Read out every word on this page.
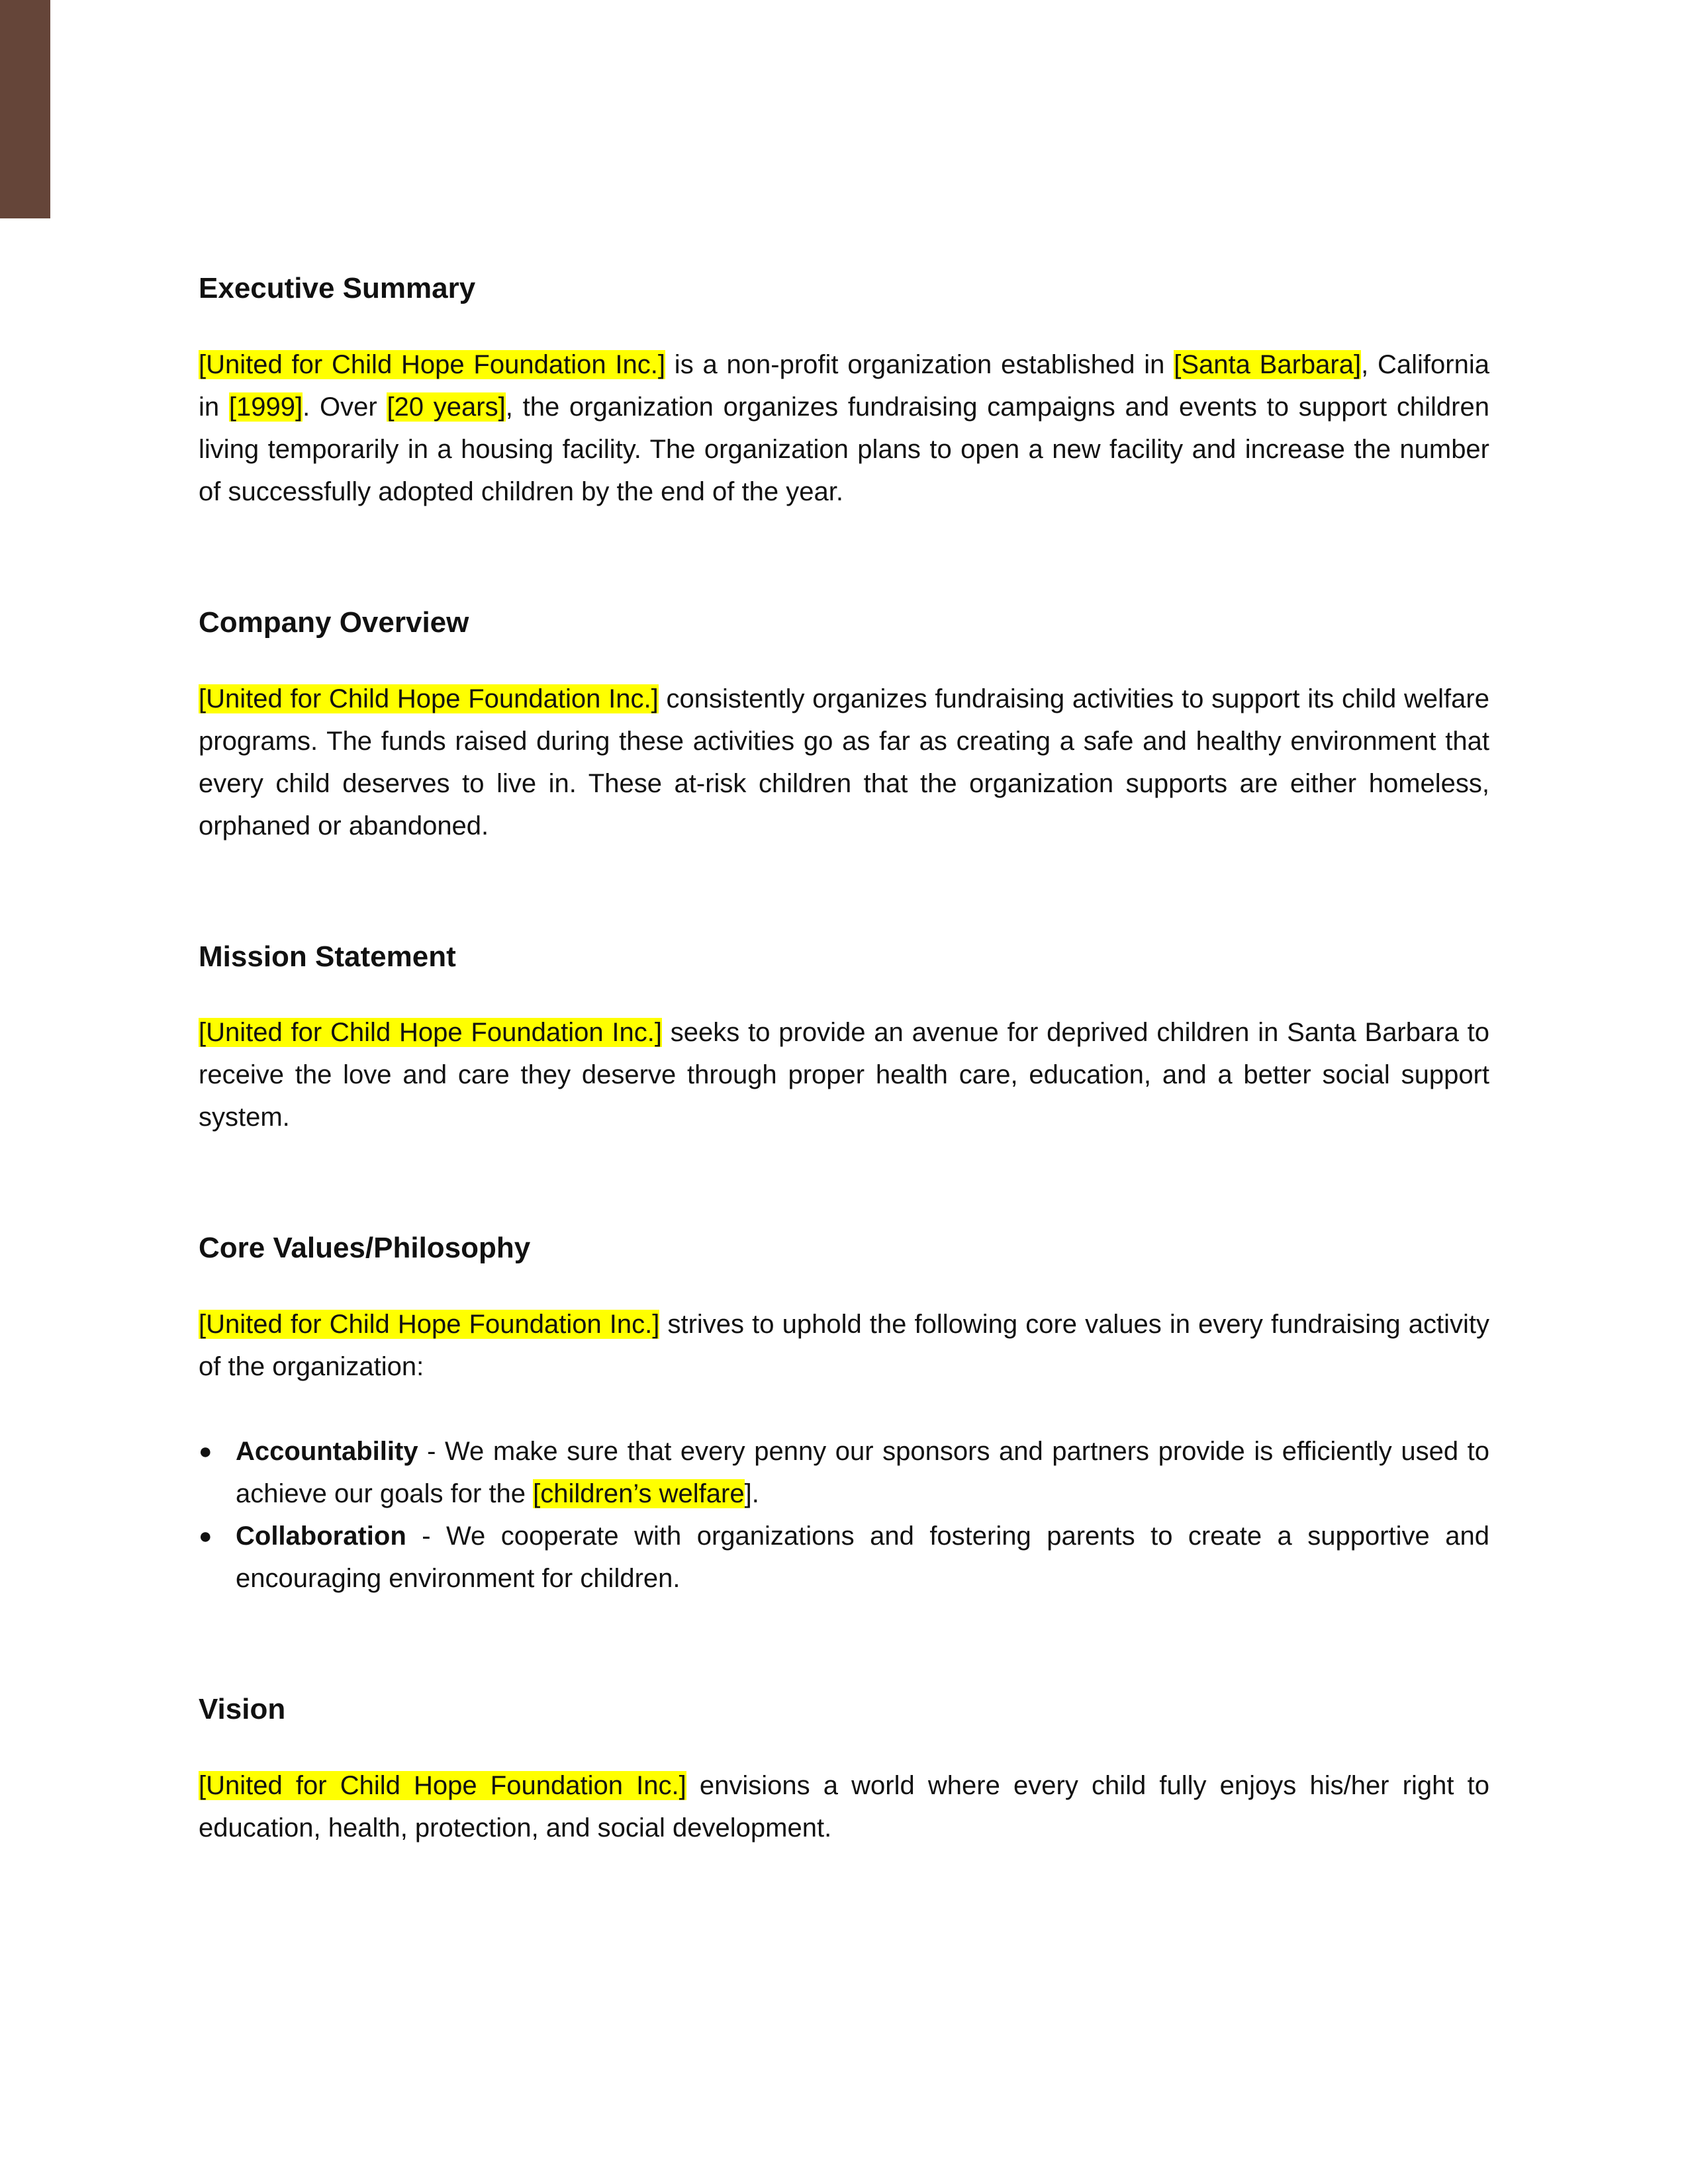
Executive Summary

[United for Child Hope Foundation Inc.] is a non-profit organization established in [Santa Barbara], California in [1999]. Over [20 years], the organization organizes fundraising campaigns and events to support children living temporarily in a housing facility. The organization plans to open a new facility and increase the number of successfully adopted children by the end of the year.

Company Overview

[United for Child Hope Foundation Inc.] consistently organizes fundraising activities to support its child welfare programs. The funds raised during these activities go as far as creating a safe and healthy environment that every child deserves to live in. These at-risk children that the organization supports are either homeless, orphaned or abandoned.

Mission Statement

[United for Child Hope Foundation Inc.] seeks to provide an avenue for deprived children in Santa Barbara to receive the love and care they deserve through proper health care, education, and a better social support system.

Core Values/Philosophy

[United for Child Hope Foundation Inc.] strives to uphold the following core values in every fundraising activity of the organization:

● Accountability - We make sure that every penny our sponsors and partners provide is efficiently used to achieve our goals for the [children’s welfare].
● Collaboration - We cooperate with organizations and fostering parents to create a supportive and encouraging environment for children.
Vision

[United for Child Hope Foundation Inc.] envisions a world where every child fully enjoys his/her right to education, health, protection, and social development.
